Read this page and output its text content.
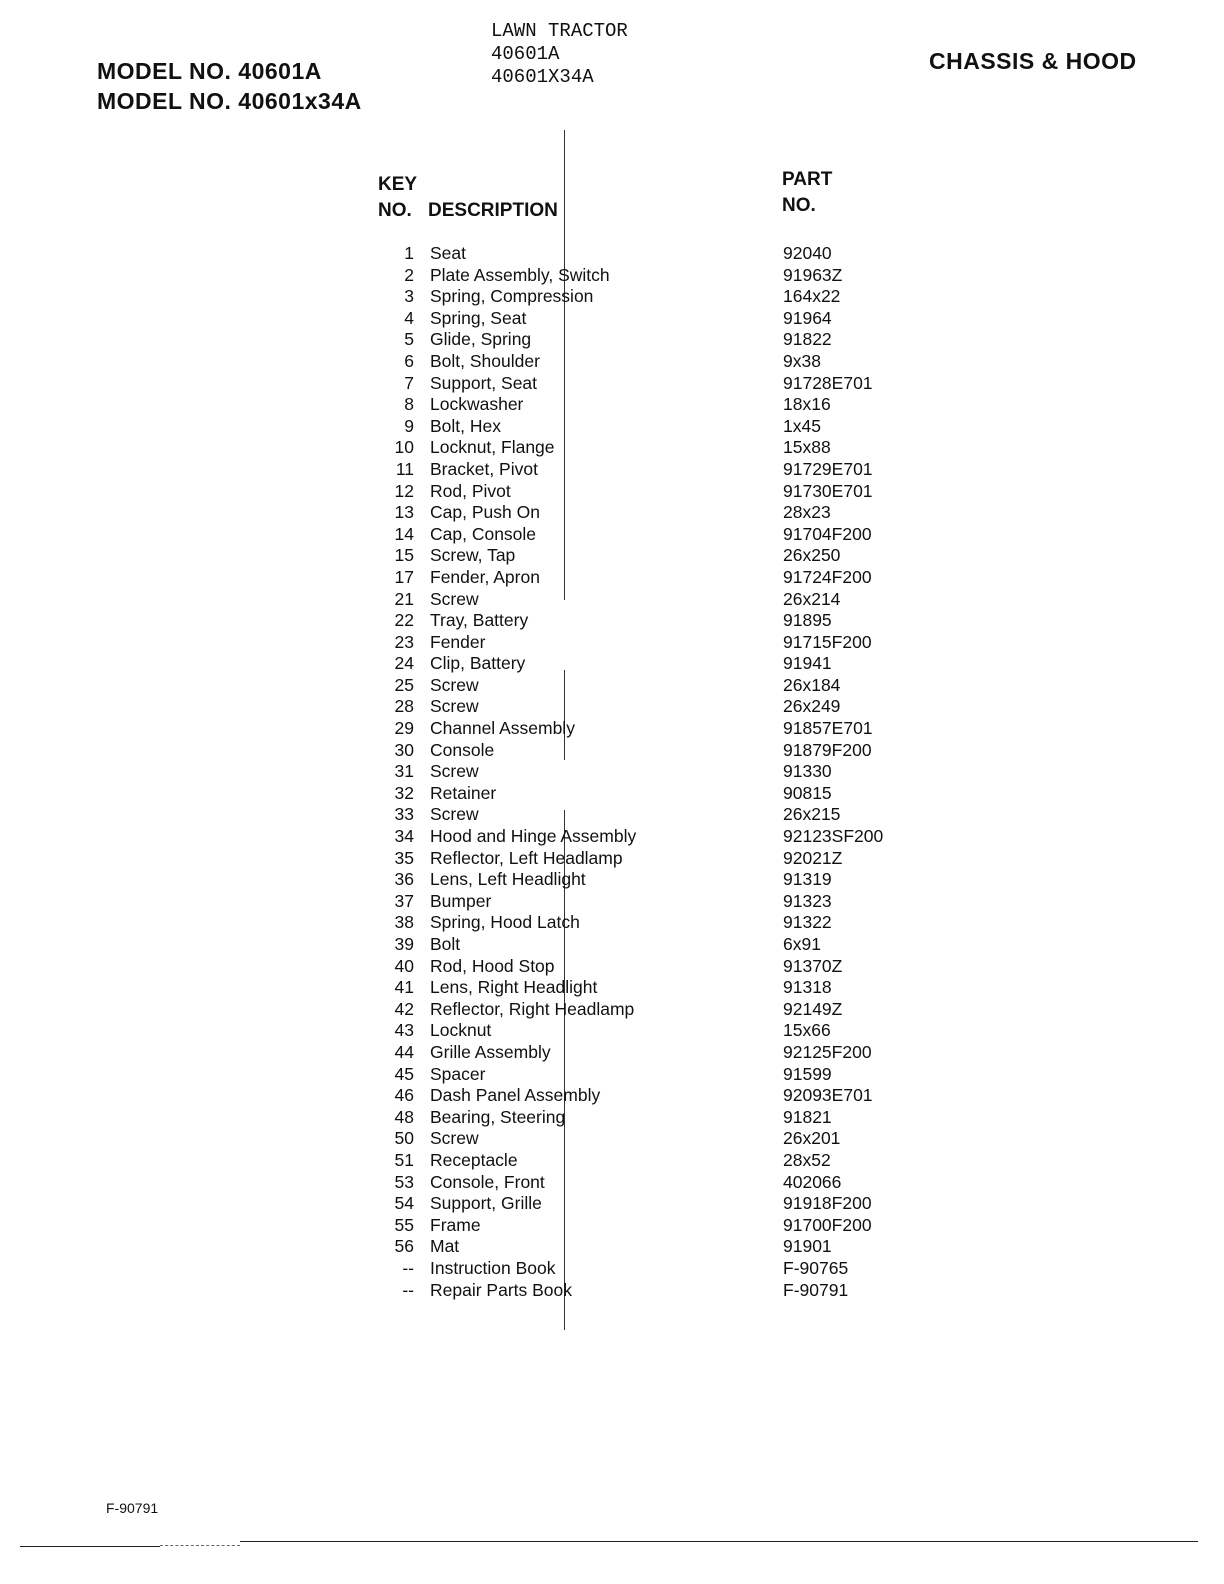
MODEL NO. 40601A
MODEL NO. 40601x34A
LAWN TRACTOR
40601A
40601X34A
CHASSIS & HOOD
KEY
NO. DESCRIPTION
PART
NO.
1 Seat	92040
2 Plate Assembly, Switch	91963Z
3 Spring, Compression	164x22
4 Spring, Seat	91964
5 Glide, Spring	91822
6 Bolt, Shoulder	9x38
7 Support, Seat	91728E701
8 Lockwasher	18x16
9 Bolt, Hex	1x45
10 Locknut, Flange	15x88
11 Bracket, Pivot	91729E701
12 Rod, Pivot	91730E701
13 Cap, Push On	28x23
14 Cap, Console	91704F200
15 Screw, Tap	26x250
17 Fender, Apron	91724F200
21 Screw	26x214
22 Tray, Battery	91895
23 Fender	91715F200
24 Clip, Battery	91941
25 Screw	26x184
28 Screw	26x249
29 Channel Assembly	91857E701
30 Console	91879F200
31 Screw	91330
32 Retainer	90815
33 Screw	26x215
34 Hood and Hinge Assembly	92123SF200
35 Reflector, Left Headlamp	92021Z
36 Lens, Left Headlight	91319
37 Bumper	91323
38 Spring, Hood Latch	91322
39 Bolt	6x91
40 Rod, Hood Stop	91370Z
41 Lens, Right Headlight	91318
42 Reflector, Right Headlamp	92149Z
43 Locknut	15x66
44 Grille Assembly	92125F200
45 Spacer	91599
46 Dash Panel Assembly	92093E701
48 Bearing, Steering	91821
50 Screw	26x201
51 Receptacle	28x52
53 Console, Front	402066
54 Support, Grille	91918F200
55 Frame	91700F200
56 Mat	91901
-- Instruction Book	F-90765
-- Repair Parts Book	F-90791
F-90791
